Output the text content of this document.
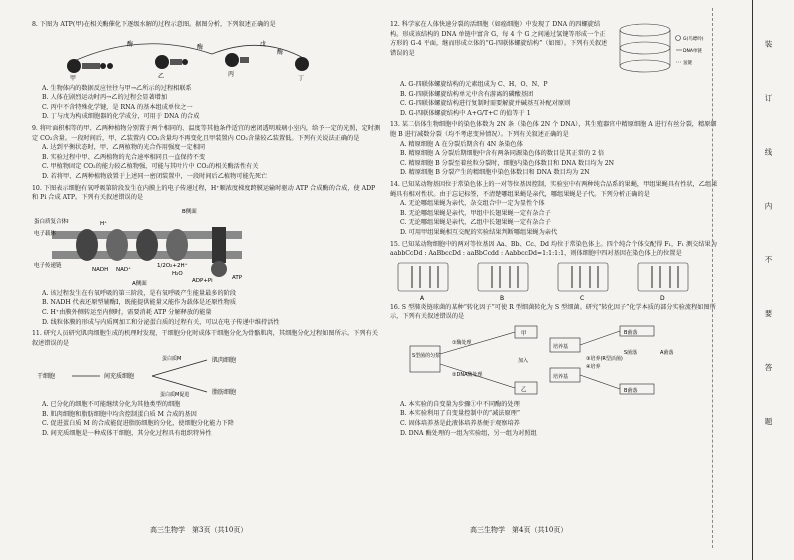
8. 下图为 ATP(甲)在相关酶催化下逐级水解的过程示意图。据图分析，下列叙述正确的是
甲	乙	丙
丁
戊
酶	酶
酶
A. 生物体内的数据反应往往与甲→乙所示的过程相联系
B. 人体在剧烈运动时丙→乙的过程会显著增加
C. 丙中不含特殊化学键，是 RNA 的基本组成单位之一
D. 丁与戊为构成细胞器的化学成分，可用于 DNA 的合成
9. 将叶面积相等的甲、乙两种植物分别置于两个相同的、温度等其他条件适宜的密闭透明玻璃小室内，给予一定的光照，定时测定 CO₂含量。一段时间后，甲、乙装置内 CO₂含量均不再变化且甲装置内 CO₂含量较乙装置低。下列有关说法正确的是
A. 达到平衡状态时，甲、乙两植物的光合作用强度一定相同
B. 实验过程中甲、乙两植物的光合速率相同且一直保持不变
C. 甲植物固定 CO₂的能力较乙植物强，可能与其叶片中 CO₂的相关酶活性有关
D. 若将甲、乙两种植物放置于上述同一密闭装置中，一段时间后乙植物可能先死亡
10. 下图表示细胞有氧呼吸第阶段发生在内膜上的电子传递过程，H⁺顺浓度梯度跨膜运输时驱动 ATP 合成酶的合成，使 ADP 和 Pi 合成 ATP。下列有关叙述错误的是
B侧面
蛋白质复合体I
电子载体
电子传递链
NADH NAD⁺
1/2O₂+2H⁺
H₂O
ADP+Pi	ATP
A侧面
H⁺
A. 该过程发生在有氧呼吸的第三阶段，是有氧呼吸产生能量最多的阶段
B. NADH 代表还原型辅酶Ⅰ，既能提供能量又能作为载体是还原性物质
C. H⁺由膜外侧转运至内侧时，需要消耗 ATP 分解释放的能量
D. 线粒体膜的形成与内质网加工和分泌蛋白质的过程有关，可以在电子传递中维持活性
11. 研究人员研究肌肉细胞生成的机理时发现，干细胞分化时成体干细胞分化为骨骼肌肉，其细胞分化过程如图所示。下列有关叙述错误的是
干细胞	间充质细胞
肌肉细胞
蛋白质M
脂肪细胞
蛋白质M促进
A. 已分化的细胞不可能继续分化为其他类型的细胞
B. 肌肉细胞和脂肪细胞中均含控制蛋白质 M 合成的基因
C. 促进蛋白质 M 的合成能促进脂肪细胞的分化，使细胞分化能力下降
D. 间充质细胞是一种成体干细胞，其分化过程具有组织特异性
高三生物学　第3页（共10页）
12. 科学家在人体快速分裂的活细胞（如癌细胞）中发现了 DNA 的四螺旋结构。形成该结构的 DNA 单链中富含 G，每 4 个 G 之间通过氢键等形成一个正方形的 G-4 平面，继而形成立体的“G-四联体螺旋结构”（如图）。下列有关叙述错误的是
G(鸟嘌呤)
DNA单链
氢键
A. G-四联体螺旋结构的元素组成为 C、H、O、N、P
B. G-四联体螺旋结构单元中含有游离的磷酸基团
C. G-四联体螺旋结构进行复制时需要解旋并碱基互补配对原则
D. G-四联体螺旋结构中 A+G/T+C 的值等于 1
13. 某二倍体生物细胞中的染色体数为 2N 条（染色体 2N 个 DNA），其生殖器官中精原细胞 A 进行有丝分裂，精原细胞 B 进行减数分裂（均不考虑变异情况）。下列有关叙述正确的是
A. 精原细胞 A 在分裂后期含有 4N 条染色体
B. 精原细胞 A 分裂后期细胞中含有两条同源染色体的数目是其正常的 2 倍
C. 精原细胞 B 分裂至着丝粒分裂时，细胞内染色体数目和 DNA 数目均为 2N
D. 精原细胞 B 分裂产生的精细胞中染色体数目和 DNA 数目均为 2N
14. 已知某动物基因位于常染色体上的一对等位基因控制，实验室中有两种纯合品系的果蝇，甲组果蝇具有性状，乙组果蝇具有相对性状。由于忘记标签，不清楚哪组果蝇是亲代，哪组果蝇是子代。下列分析正确的是
A. 无论哪组果蝇为亲代，杂交组合中一定为显性个体
B. 无论哪组果蝇是亲代，甲组中长翅果蝇一定有杂合子
C. 无论哪组果蝇是亲代，乙组中长翅果蝇一定有杂合子
D. 可用甲组果蝇相互交配的实验结果判断哪组果蝇为亲代
15. 已知某动物细胞中的两对等位基因 Aa、Bb、Cc、Dd 均位于常染色体上。四个纯合个体交配得 F₁，F₁ 测交结果为 aabbCcDd : AaBbccDd : aaBbCcdd : AabbccDd=1:1:1:1，则体细胞中四对基因在染色体上的位置是
A	B	C	D
16. S 型肺炎链球菌的某种“转化因子”可使 R 型细菌转化为 S 型细菌。研究“转化因子”化学本质的部分实验流程如图所示，下列有关叙述错误的是
S型菌的匀浆
①酶处理
②DNA酶处理
甲
乙
加入
培养基
培养基
③培养(R型活菌)
④培养
B菌落
S菌落	A菌落
B菌落
A. 本实验的自变量为步骤①中不同酶的处理
B. 本实验利用了自变量控制中的“减法原理”
C. 固体培养基是此液体培养基便于观察培养
D. DNA 酶处理的一组为实验组，另一组为对照组
高三生物学　第4页（共10页）
装 订 线 内 不 要 答 题
